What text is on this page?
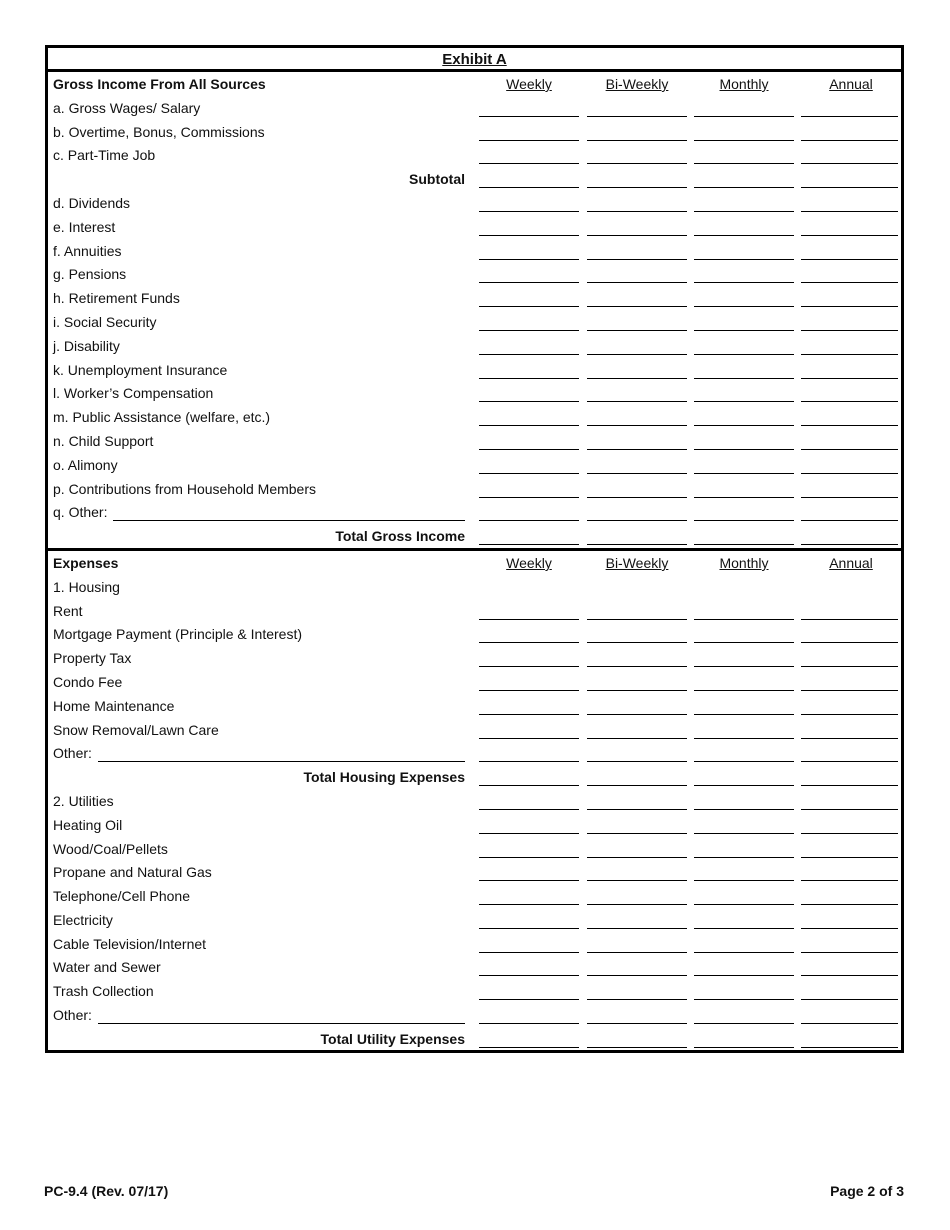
Exhibit A
Gross Income From All Sources	Weekly	Bi-Weekly	Monthly	Annual
a. Gross Wages/ Salary
b. Overtime, Bonus, Commissions
c. Part-Time Job
Subtotal
d. Dividends
e. Interest
f. Annuities
g. Pensions
h. Retirement Funds
i. Social Security
j. Disability
k. Unemployment Insurance
l. Worker’s Compensation
m. Public Assistance (welfare, etc.)
n. Child Support
o. Alimony
p. Contributions from Household Members
q. Other:
Total Gross Income
Expenses	Weekly	Bi-Weekly	Monthly	Annual
1. Housing
Rent
Mortgage Payment (Principle & Interest)
Property Tax
Condo Fee
Home Maintenance
Snow Removal/Lawn Care
Other:
Total Housing Expenses
2. Utilities
Heating Oil
Wood/Coal/Pellets
Propane and Natural Gas
Telephone/Cell Phone
Electricity
Cable Television/Internet
Water and Sewer
Trash Collection
Other:
Total Utility Expenses
PC-9.4 (Rev. 07/17)	Page 2 of 3
